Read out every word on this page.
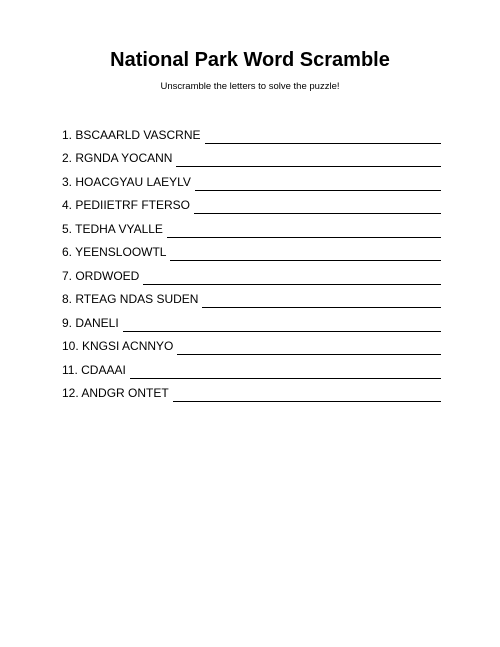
National Park Word Scramble
Unscramble the letters to solve the puzzle!
1. BSCAARLD VASCRNE
2. RGNDA YOCANN
3. HOACGYAU LAEYLV
4. PEDIIETRF FTERSO
5. TEDHA VYALLE
6. YEENSLOOWTL
7. ORDWOED
8. RTEAG NDAS SUDEN
9. DANELI
10. KNGSI ACNNYO
11. CDAAAI
12. ANDGR ONTET
